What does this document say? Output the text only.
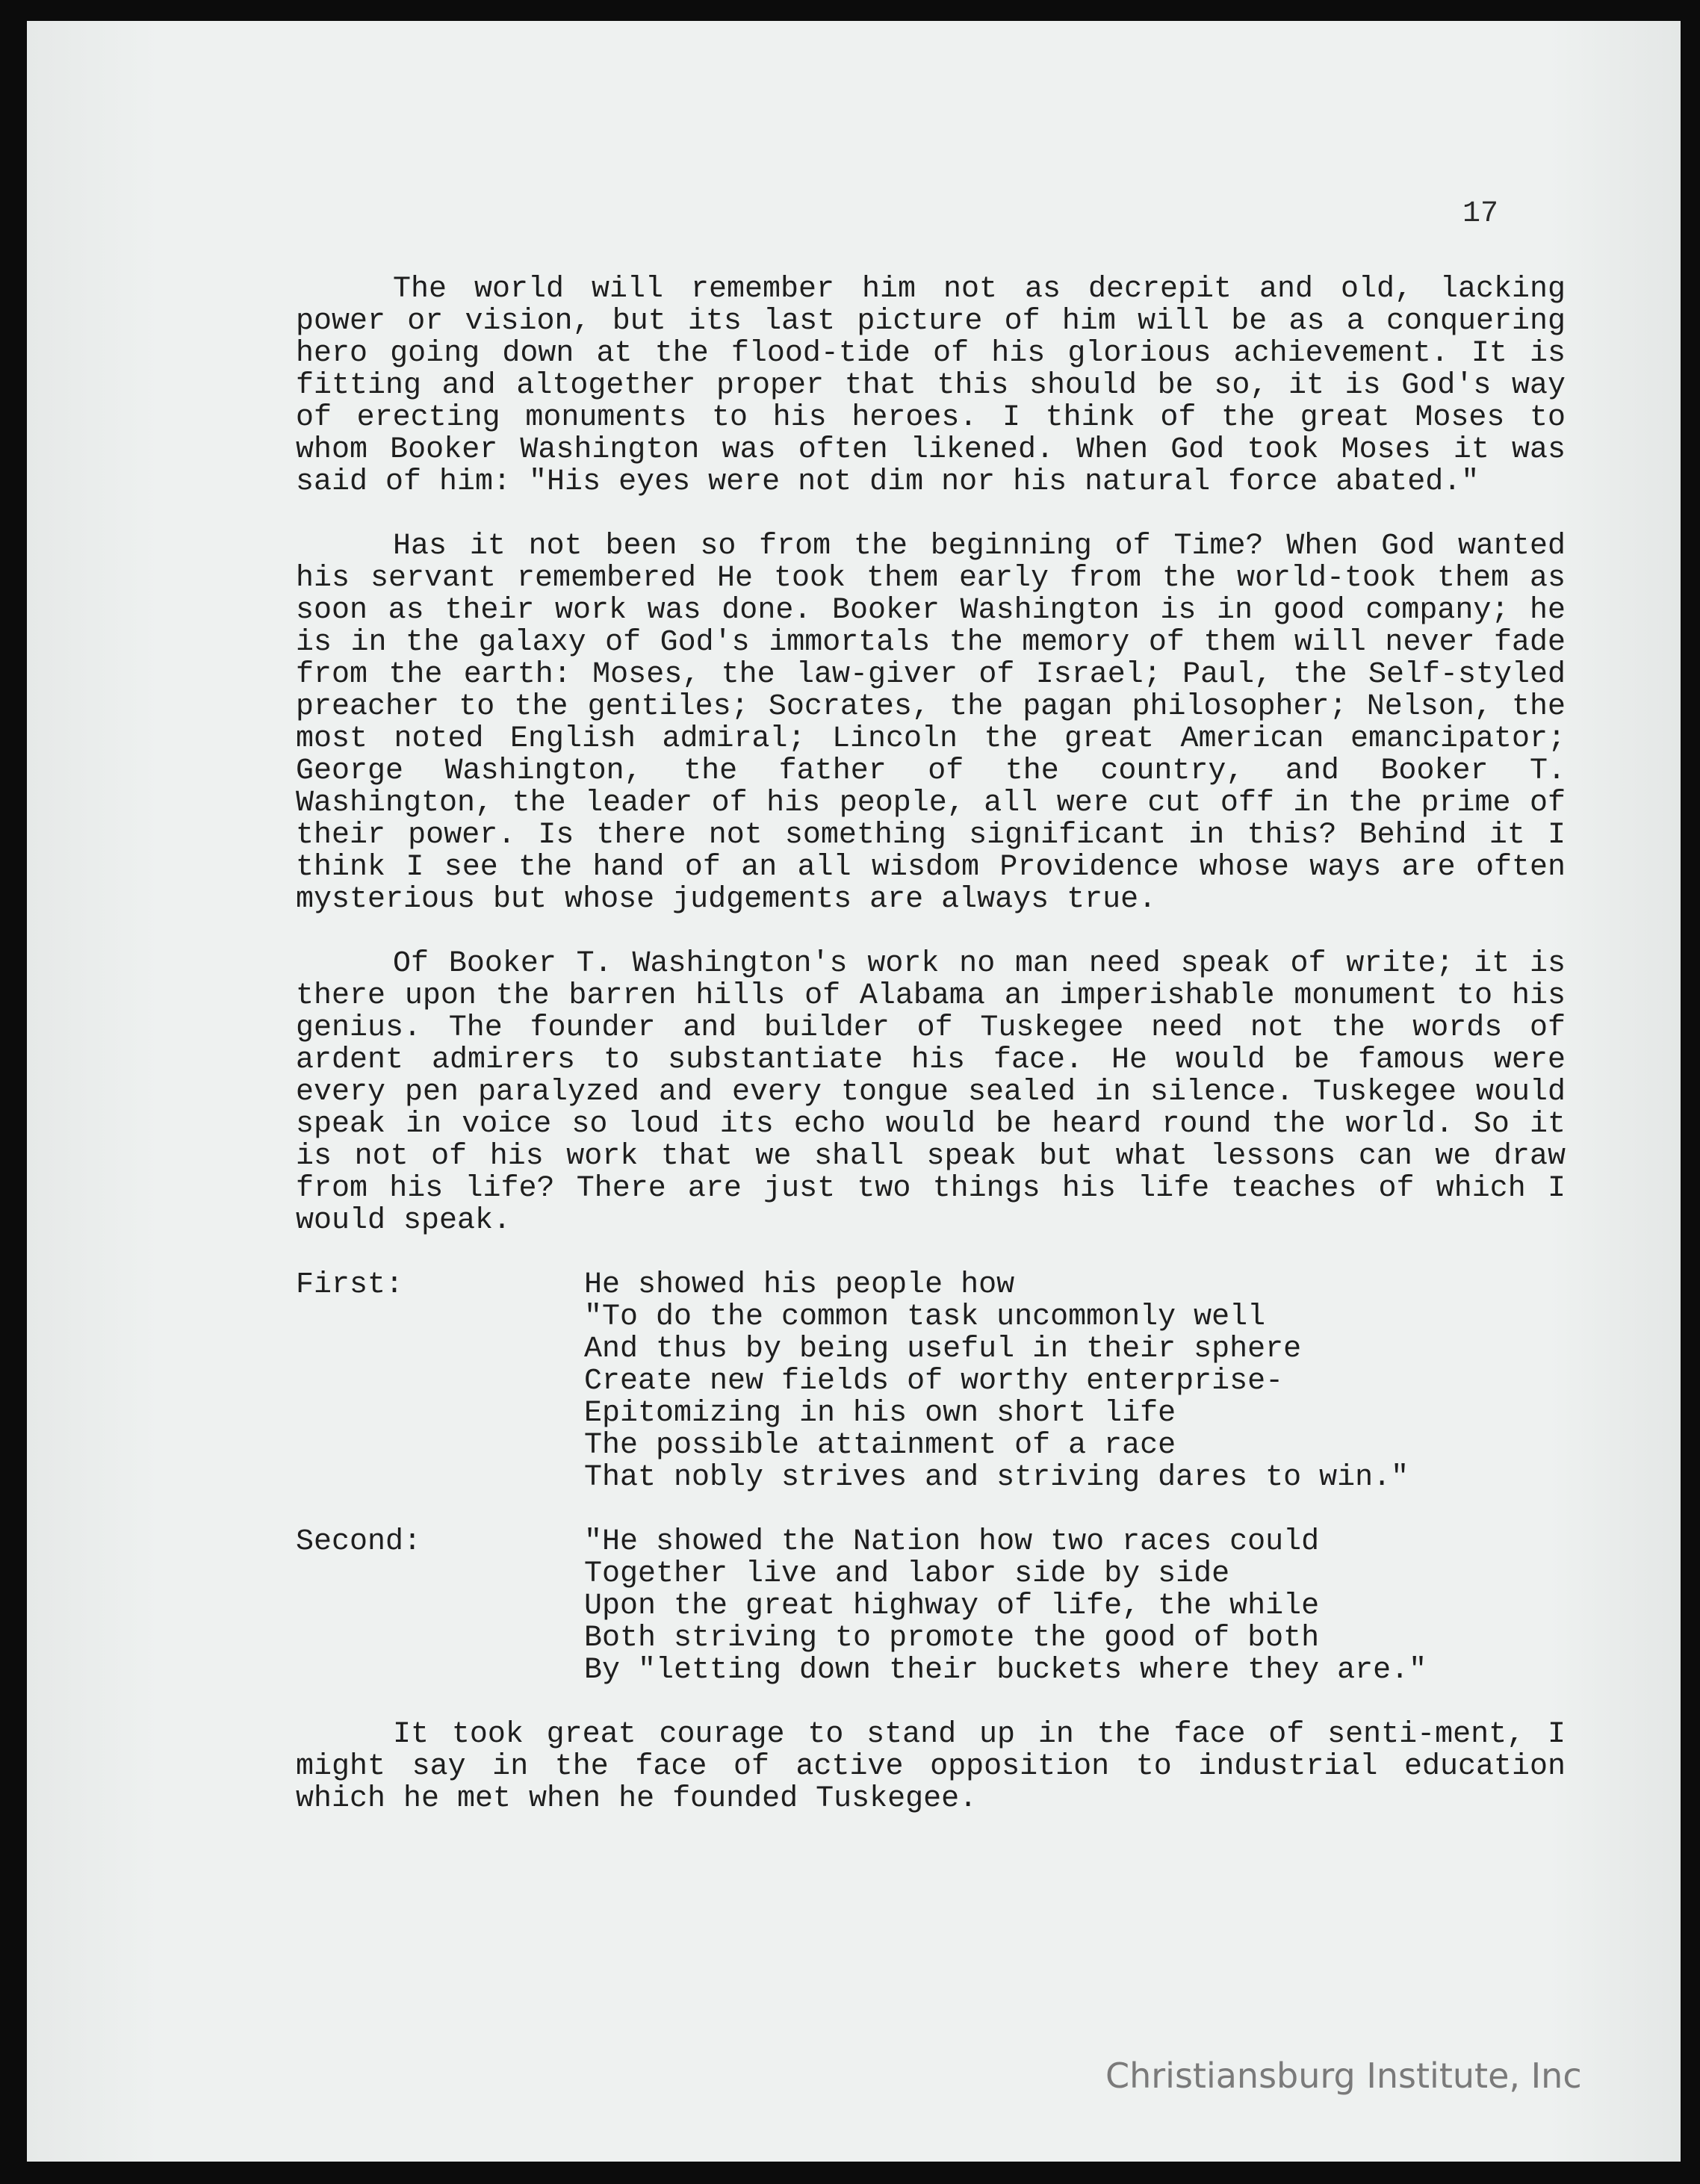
17

The world will remember him not as decrepit and old, lacking power or vision, but its last picture of him will be as a conquering hero going down at the flood-tide of his glorious achievement. It is fitting and altogether proper that this should be so, it is God's way of erecting monuments to his heroes. I think of the great Moses to whom Booker Washington was often likened. When God took Moses it was said of him: "His eyes were not dim nor his natural force abated."

Has it not been so from the beginning of Time? When God wanted his servant remembered He took them early from the world-took them as soon as their work was done. Booker Washington is in good company; he is in the galaxy of God's immortals the memory of them will never fade from the earth: Moses, the law-giver of Israel; Paul, the Self-styled preacher to the gentiles; Socrates, the pagan philosopher; Nelson, the most noted English admiral; Lincoln the great American emancipator; George Washington, the father of the country, and Booker T. Washington, the leader of his people, all were cut off in the prime of their power. Is there not something significant in this? Behind it I think I see the hand of an all wisdom Providence whose ways are often mysterious but whose judgements are always true.

Of Booker T. Washington's work no man need speak of write; it is there upon the barren hills of Alabama an imperishable monument to his genius. The founder and builder of Tuskegee need not the words of ardent admirers to substantiate his face. He would be famous were every pen paralyzed and every tongue sealed in silence. Tuskegee would speak in voice so loud its echo would be heard round the world. So it is not of his work that we shall speak but what lessons can we draw from his life? There are just two things his life teaches of which I would speak.

First:	He showed his people how
"To do the common task uncommonly well
And thus by being useful in their sphere
Create new fields of worthy enterprise-
Epitomizing in his own short life
The possible attainment of a race
That nobly strives and striving dares to win."
Second:	"He showed the Nation how two races could
Together live and labor side by side
Upon the great highway of life, the while
Both striving to promote the good of both
By "letting down their buckets where they are."

It took great courage to stand up in the face of senti-ment, I might say in the face of active opposition to industrial education which he met when he founded Tuskegee.

Christiansburg Institute, Inc
